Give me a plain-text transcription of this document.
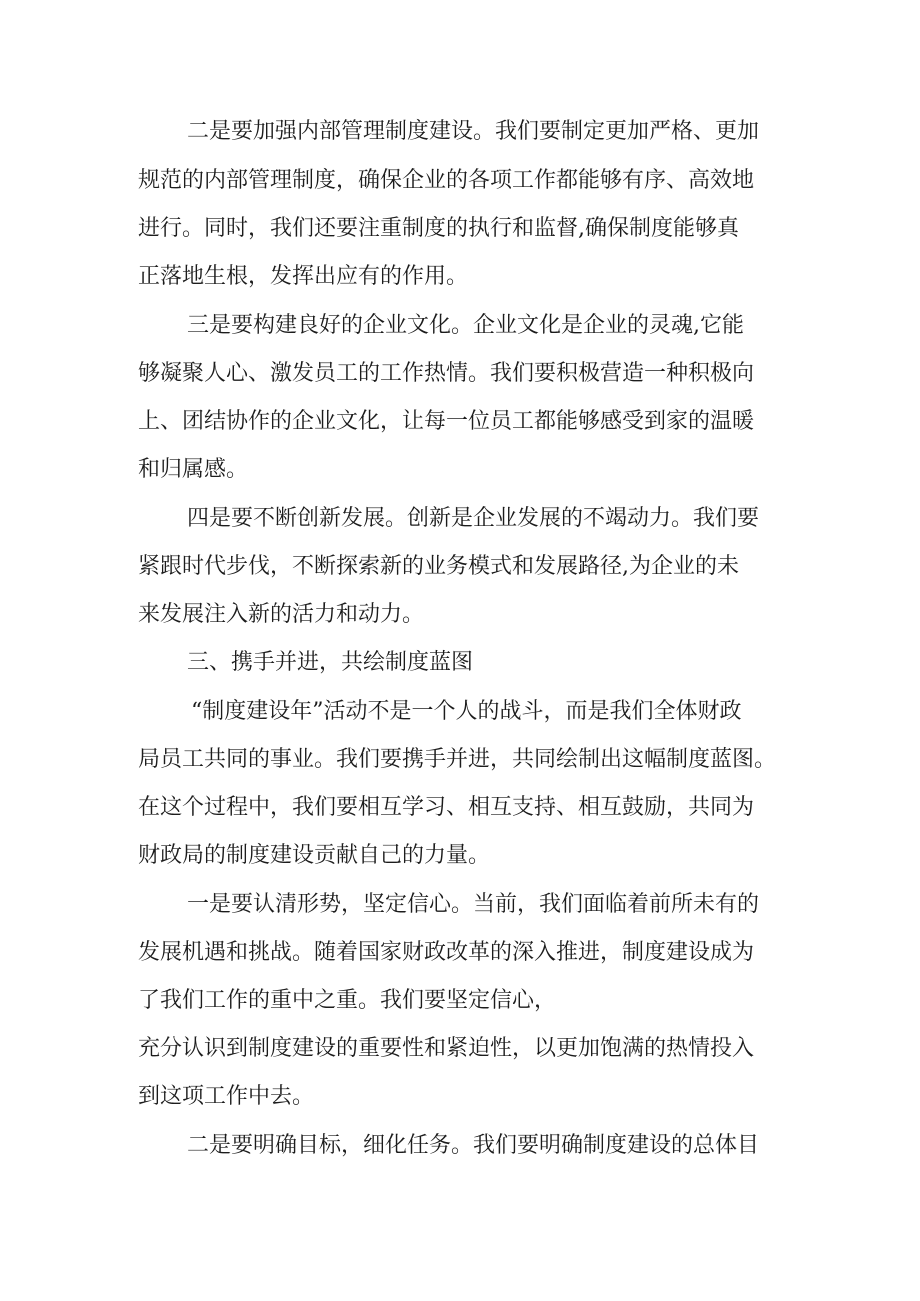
二是要加强内部管理制度建设。我们要制定更加严格、更加

规范的内部管理制度，确保企业的各项工作都能够有序、高效地

进行。同时，我们还要注重制度的执行和监督,确保制度能够真

正落地生根，发挥出应有的作用。

三是要构建良好的企业文化。企业文化是企业的灵魂,它能

够凝聚人心、激发员工的工作热情。我们要积极营造一种积极向

上、团结协作的企业文化，让每一位员工都能够感受到家的温暖

和归属感。

四是要不断创新发展。创新是企业发展的不竭动力。我们要

紧跟时代步伐，不断探索新的业务模式和发展路径,为企业的未

来发展注入新的活力和动力。

三、携手并进，共绘制度蓝图

“制度建设年”活动不是一个人的战斗，而是我们全体财政

局员工共同的事业。我们要携手并进，共同绘制出这幅制度蓝图。

在这个过程中，我们要相互学习、相互支持、相互鼓励，共同为

财政局的制度建设贡献自己的力量。

一是要认清形势，坚定信心。当前，我们面临着前所未有的

发展机遇和挑战。随着国家财政改革的深入推进，制度建设成为

了我们工作的重中之重。我们要坚定信心，

充分认识到制度建设的重要性和紧迫性，以更加饱满的热情投入

到这项工作中去。

二是要明确目标，细化任务。我们要明确制度建设的总体目
